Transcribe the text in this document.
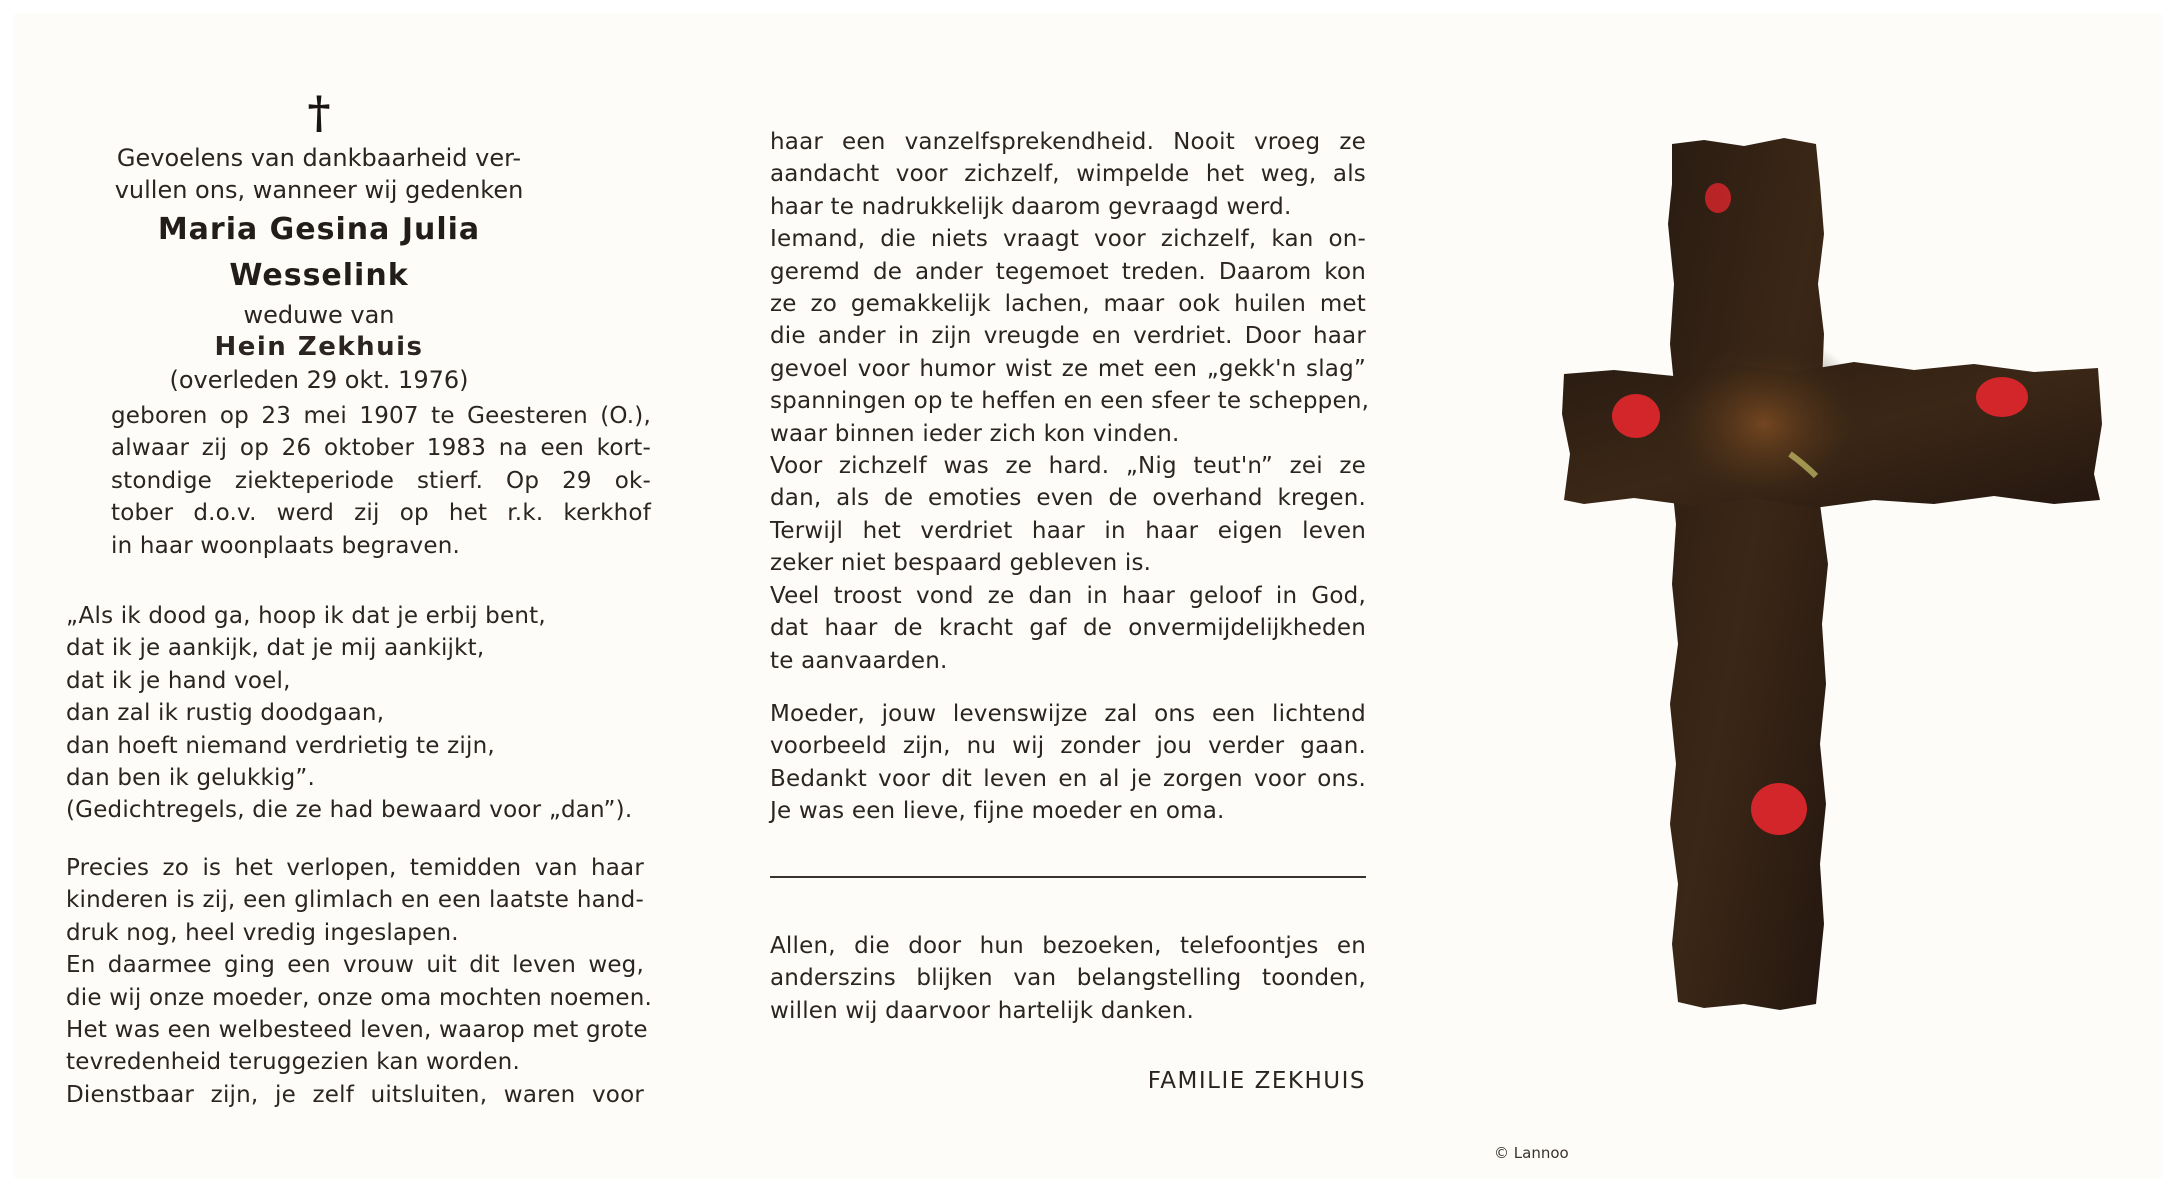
†
Gevoelens van dankbaarheid ver- vullen ons, wanneer wij gedenken
Maria Gesina Julia Wesselink
weduwe van
Hein Zekhuis
(overleden 29 okt. 1976)
geboren op 23 mei 1907 te Geesteren (O.),
alwaar zij op 26 oktober 1983 na een kort-
stondige ziekteperiode stierf. Op 29 ok-
tober d.o.v. werd zij op het r.k. kerkhof
in haar woonplaats begraven.
„Als ik dood ga, hoop ik dat je erbij bent,
dat ik je aankijk, dat je mij aankijkt,
dat ik je hand voel,
dan zal ik rustig doodgaan,
dan hoeft niemand verdrietig te zijn,
dan ben ik gelukkig”.
(Gedichtregels, die ze had bewaard voor „dan”).
Precies zo is het verlopen, temidden van haar
kinderen is zij, een glimlach en een laatste hand-
druk nog, heel vredig ingeslapen.
En daarmee ging een vrouw uit dit leven weg,
die wij onze moeder, onze oma mochten noemen.
Het was een welbesteed leven, waarop met grote
tevredenheid teruggezien kan worden.
Dienstbaar zijn, je zelf uitsluiten, waren voor
haar een vanzelfsprekendheid. Nooit vroeg ze
aandacht voor zichzelf, wimpelde het weg, als
haar te nadrukkelijk daarom gevraagd werd.
Iemand, die niets vraagt voor zichzelf, kan on-
geremd de ander tegemoet treden. Daarom kon
ze zo gemakkelijk lachen, maar ook huilen met
die ander in zijn vreugde en verdriet. Door haar
gevoel voor humor wist ze met een „gekk'n slag”
spanningen op te heffen en een sfeer te scheppen,
waar binnen ieder zich kon vinden.
Voor zichzelf was ze hard. „Nig teut'n” zei ze
dan, als de emoties even de overhand kregen.
Terwijl het verdriet haar in haar eigen leven
zeker niet bespaard gebleven is.
Veel troost vond ze dan in haar geloof in God,
dat haar de kracht gaf de onvermijdelijkheden
te aanvaarden.
Moeder, jouw levenswijze zal ons een lichtend
voorbeeld zijn, nu wij zonder jou verder gaan.
Bedankt voor dit leven en al je zorgen voor ons.
Je was een lieve, fijne moeder en oma.
Allen, die door hun bezoeken, telefoontjes en
anderszins blijken van belangstelling toonden,
willen wij daarvoor hartelijk danken.
FAMILIE ZEKHUIS
© Lannoo
